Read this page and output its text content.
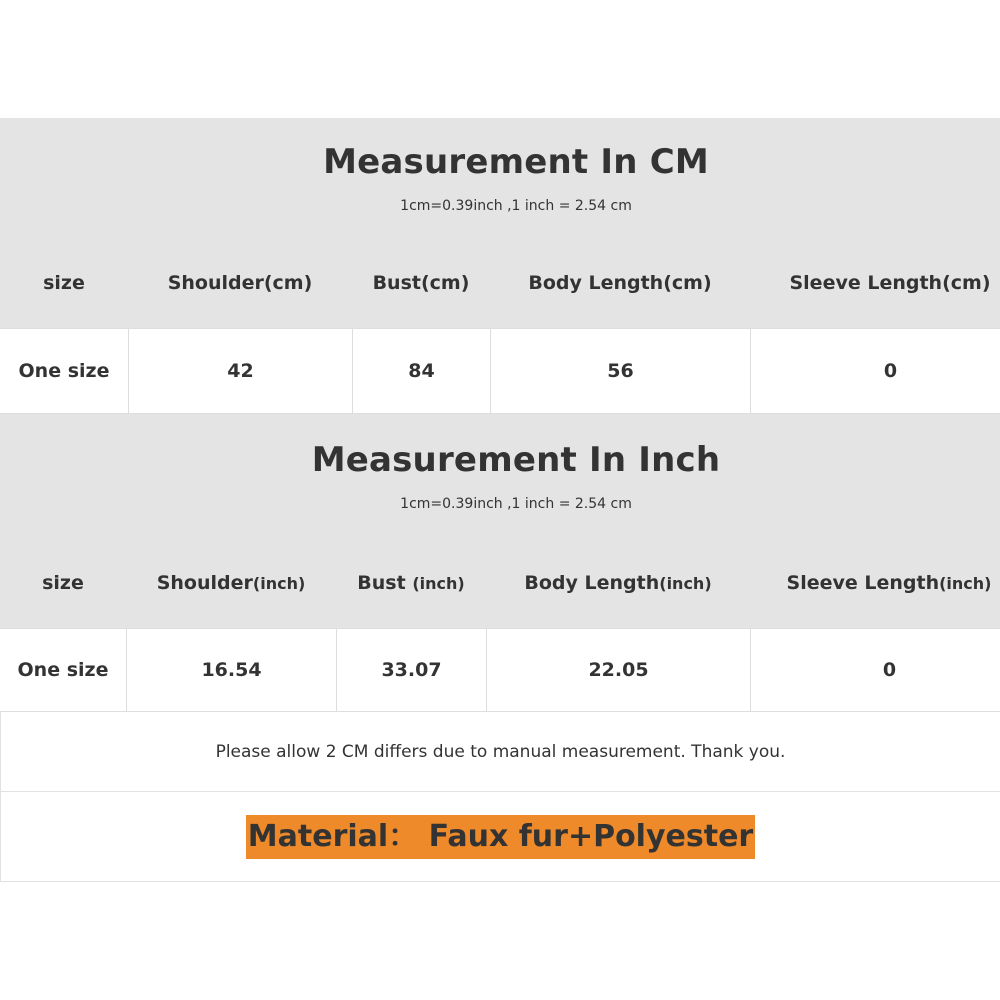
Measurement In CM
1cm=0.39inch ,1 inch = 2.54 cm
size	Shoulder(cm)	Bust(cm)	Body Length(cm)	Sleeve Length(cm)
One size	42	84	56	0
Measurement In Inch
1cm=0.39inch ,1 inch = 2.54 cm
size	Shoulder (inch)	Bust (inch)	Body Length (inch)	Sleeve Length (inch)
One size	16.54	33.07	22.05	0
Please allow 2 CM differs due to manual measurement. Thank you.
Material： Faux fur+Polyester
